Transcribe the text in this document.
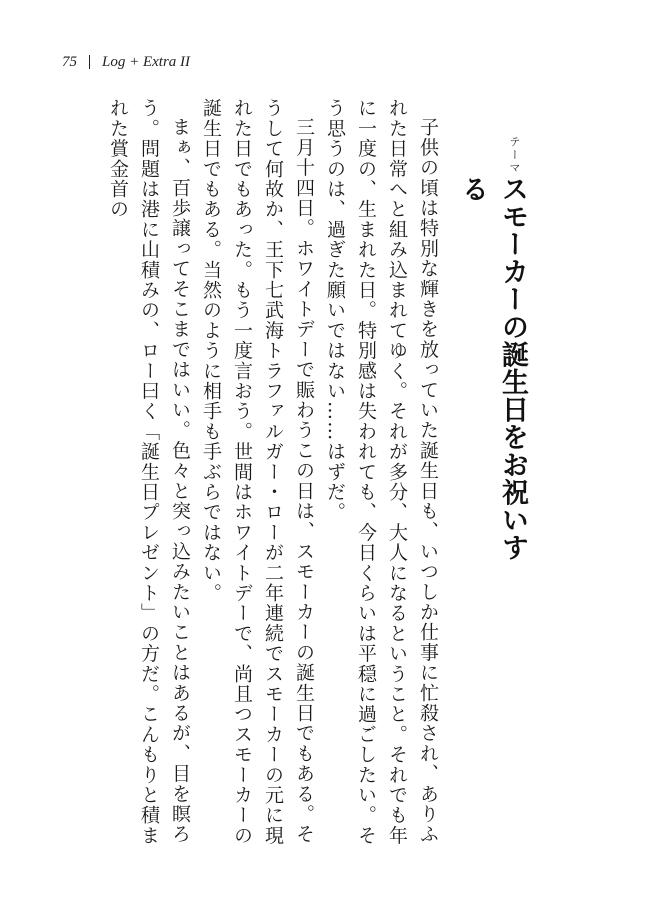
75 Log + Extra II
テーマ
スモーカーの誕生日をお祝いする

子供の頃は特別な輝きを放っていた誕生日も、いつしか仕事に忙殺され、ありふれた日常へと組み込まれてゆく。それが多分、大人になるということ。それでも年に一度の、生まれた日。特別感は失われても、今日くらいは平穏に過ごしたい。そう思うのは、過ぎた願いではない……はずだ。

三月十四日。ホワイトデーで賑わうこの日は、スモーカーの誕生日でもある。そうして何故か、王下七武海トラファルガー・ローが二年連続でスモーカーの元に現れた日でもあった。もう一度言おう。世間はホワイトデーで、尚且つスモーカーの誕生日でもある。当然のように相手も手ぶらではない。

まぁ、百歩譲ってそこまではいい。色々と突っ込みたいことはあるが、目を瞑ろう。問題は港に山積みの、ロー曰く「誕生日プレゼント」の方だ。こんもりと積まれた賞金首の
